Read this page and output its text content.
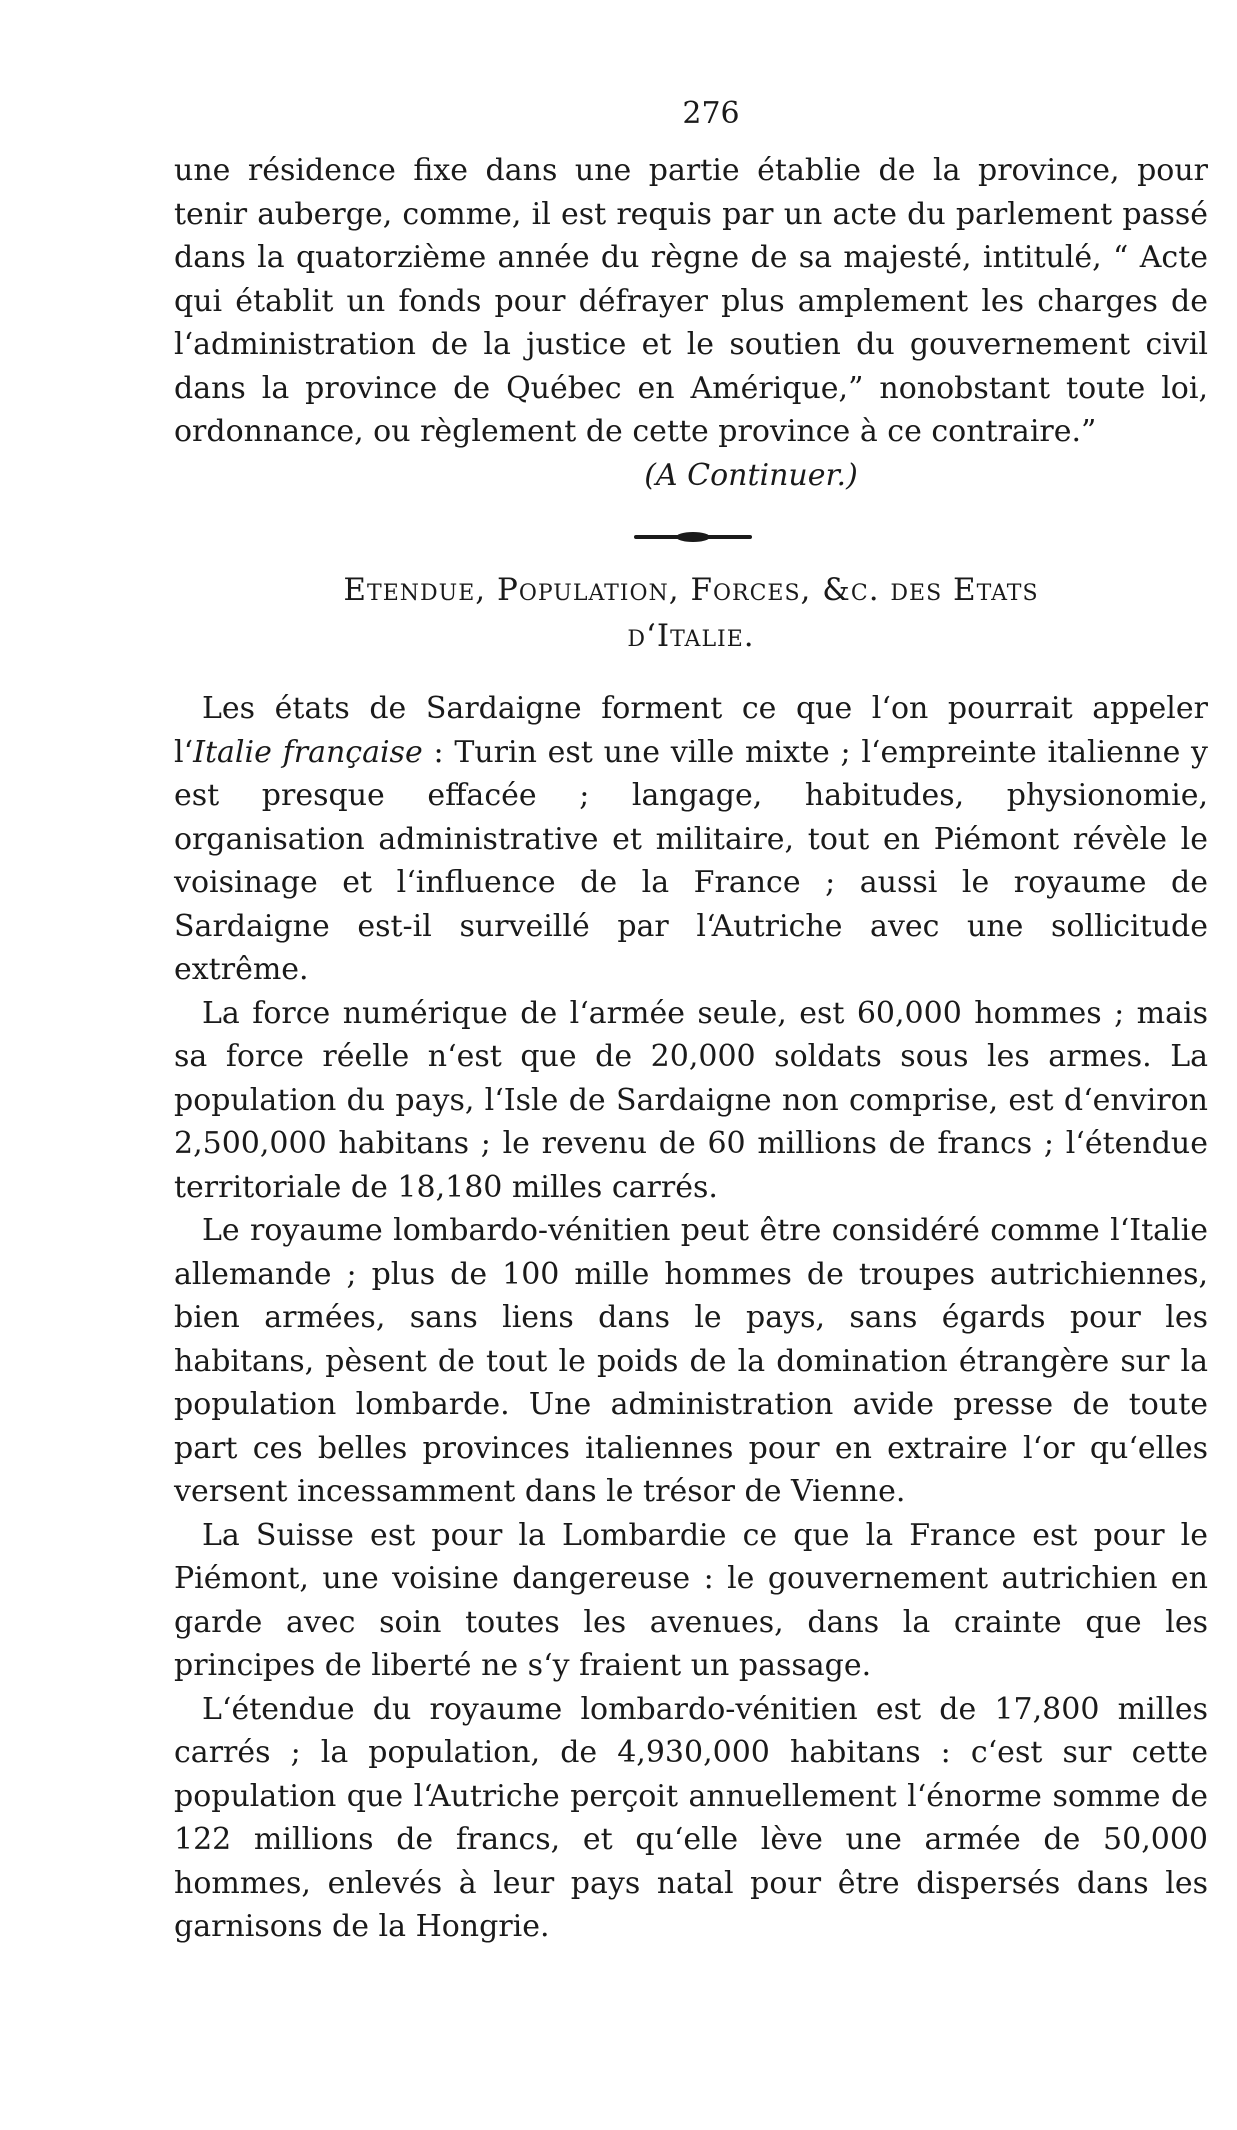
276

une résidence fixe dans une partie établie de la province, pour tenir auberge, comme, il est requis par un acte du parlement passé dans la quatorzième année du règne de sa majesté, intitulé, “ Acte qui établit un fonds pour défrayer plus amplement les charges de l‘administration de la justice et le soutien du gouvernement civil dans la province de Québec en Amérique,” nonobstant toute loi, ordonnance, ou règlement de cette province à ce contraire.”

(A Continuer.)

Etendue, Population, Forces, &c. des Etats

d‘Italie.

Les états de Sardaigne forment ce que l‘on pourrait appeler l‘Italie française : Turin est une ville mixte ; l‘empreinte italienne y est presque effacée ; langage, habitudes, physionomie, organisation administrative et militaire, tout en Piémont révèle le voisinage et l‘influence de la France ; aussi le royaume de Sardaigne est-il surveillé par l‘Autriche avec une sollicitude extrême.

La force numérique de l‘armée seule, est 60,000 hommes ; mais sa force réelle n‘est que de 20,000 soldats sous les armes. La population du pays, l‘Isle de Sardaigne non comprise, est d‘environ 2,500,000 habitans ; le revenu de 60 millions de francs ; l‘étendue territoriale de 18,180 milles carrés.

Le royaume lombardo-vénitien peut être considéré comme l‘Italie allemande ; plus de 100 mille hommes de troupes autrichiennes, bien armées, sans liens dans le pays, sans égards pour les habitans, pèsent de tout le poids de la domination étrangère sur la population lombarde. Une administration avide presse de toute part ces belles provinces italiennes pour en extraire l‘or qu‘elles versent incessamment dans le trésor de Vienne.

La Suisse est pour la Lombardie ce que la France est pour le Piémont, une voisine dangereuse : le gouvernement autrichien en garde avec soin toutes les avenues, dans la crainte que les principes de liberté ne s‘y fraient un passage.

L‘étendue du royaume lombardo-vénitien est de 17,800 milles carrés ; la population, de 4,930,000 habitans : c‘est sur cette population que l‘Autriche perçoit annuellement l‘énorme somme de 122 millions de francs, et qu‘elle lève une armée de 50,000 hommes, enlevés à leur pays natal pour être dispersés dans les garnisons de la Hongrie.
